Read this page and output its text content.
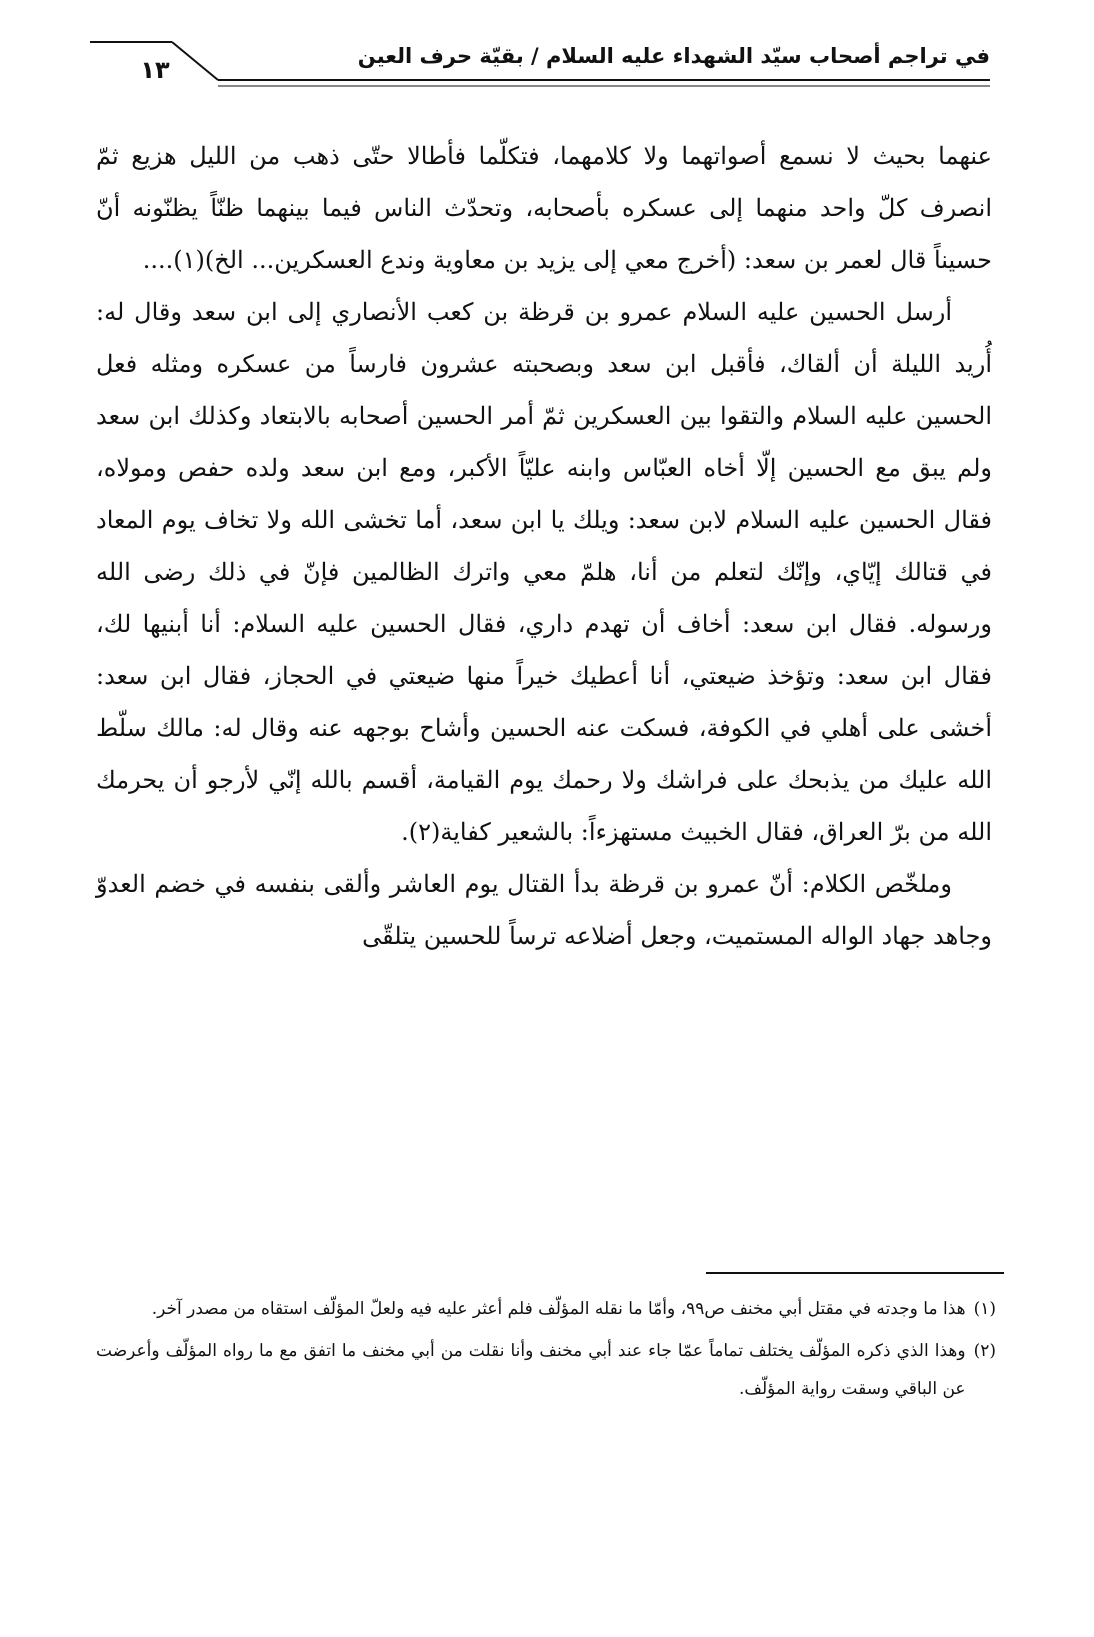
في تراجم أصحاب سيّد الشهداء عليه السلام / بقيّة حرف العين
١٣

عنهما بحيث لا نسمع أصواتهما ولا كلامهما، فتكلّما فأطالا حتّى ذهب من الليل هزيع ثمّ انصرف كلّ واحد منهما إلى عسكره بأصحابه، وتحدّث الناس فيما بينهما ظنّاً يظنّونه أنّ حسيناً قال لعمر بن سعد: (أخرج معي إلى يزيد بن معاوية وندع العسكرين... الخ)(١)....

أرسل الحسين عليه السلام عمرو بن قرظة بن كعب الأنصاري إلى ابن سعد وقال له: أُريد الليلة أن ألقاك، فأقبل ابن سعد وبصحبته عشرون فارساً من عسكره ومثله فعل الحسين عليه السلام والتقوا بين العسكرين ثمّ أمر الحسين أصحابه بالابتعاد وكذلك ابن سعد ولم يبق مع الحسين إلّا أخاه العبّاس وابنه عليّاً الأكبر، ومع ابن سعد ولده حفص ومولاه، فقال الحسين عليه السلام لابن سعد: ويلك يا ابن سعد، أما تخشى الله ولا تخاف يوم المعاد في قتالك إيّاي، وإنّك لتعلم من أنا، هلمّ معي واترك الظالمين فإنّ في ذلك رضى الله ورسوله. فقال ابن سعد: أخاف أن تهدم داري، فقال الحسين عليه السلام: أنا أبنيها لك، فقال ابن سعد: وتؤخذ ضيعتي، أنا أعطيك خيراً منها ضيعتي في الحجاز، فقال ابن سعد: أخشى على أهلي في الكوفة، فسكت عنه الحسين وأشاح بوجهه عنه وقال له: مالك سلّط الله عليك من يذبحك على فراشك ولا رحمك يوم القيامة، أقسم بالله إنّي لأرجو أن يحرمك الله من برّ العراق، فقال الخبيث مستهزءاً: بالشعير كفاية(٢).

وملخّص الكلام: أنّ عمرو بن قرظة بدأ القتال يوم العاشر وألقى بنفسه في خضم العدوّ وجاهد جهاد الواله المستميت، وجعل أضلاعه ترساً للحسين يتلقّى

(١)
هذا ما وجدته في مقتل أبي مخنف ص٩٩، وأمّا ما نقله المؤلّف فلم أعثر عليه فيه ولعلّ المؤلّف استقاه من مصدر آخر.
(٢)
وهذا الذي ذكره المؤلّف يختلف تماماً عمّا جاء عند أبي مخنف وأنا نقلت من أبي مخنف ما اتفق مع ما رواه المؤلّف وأعرضت عن الباقي وسقت رواية المؤلّف.
